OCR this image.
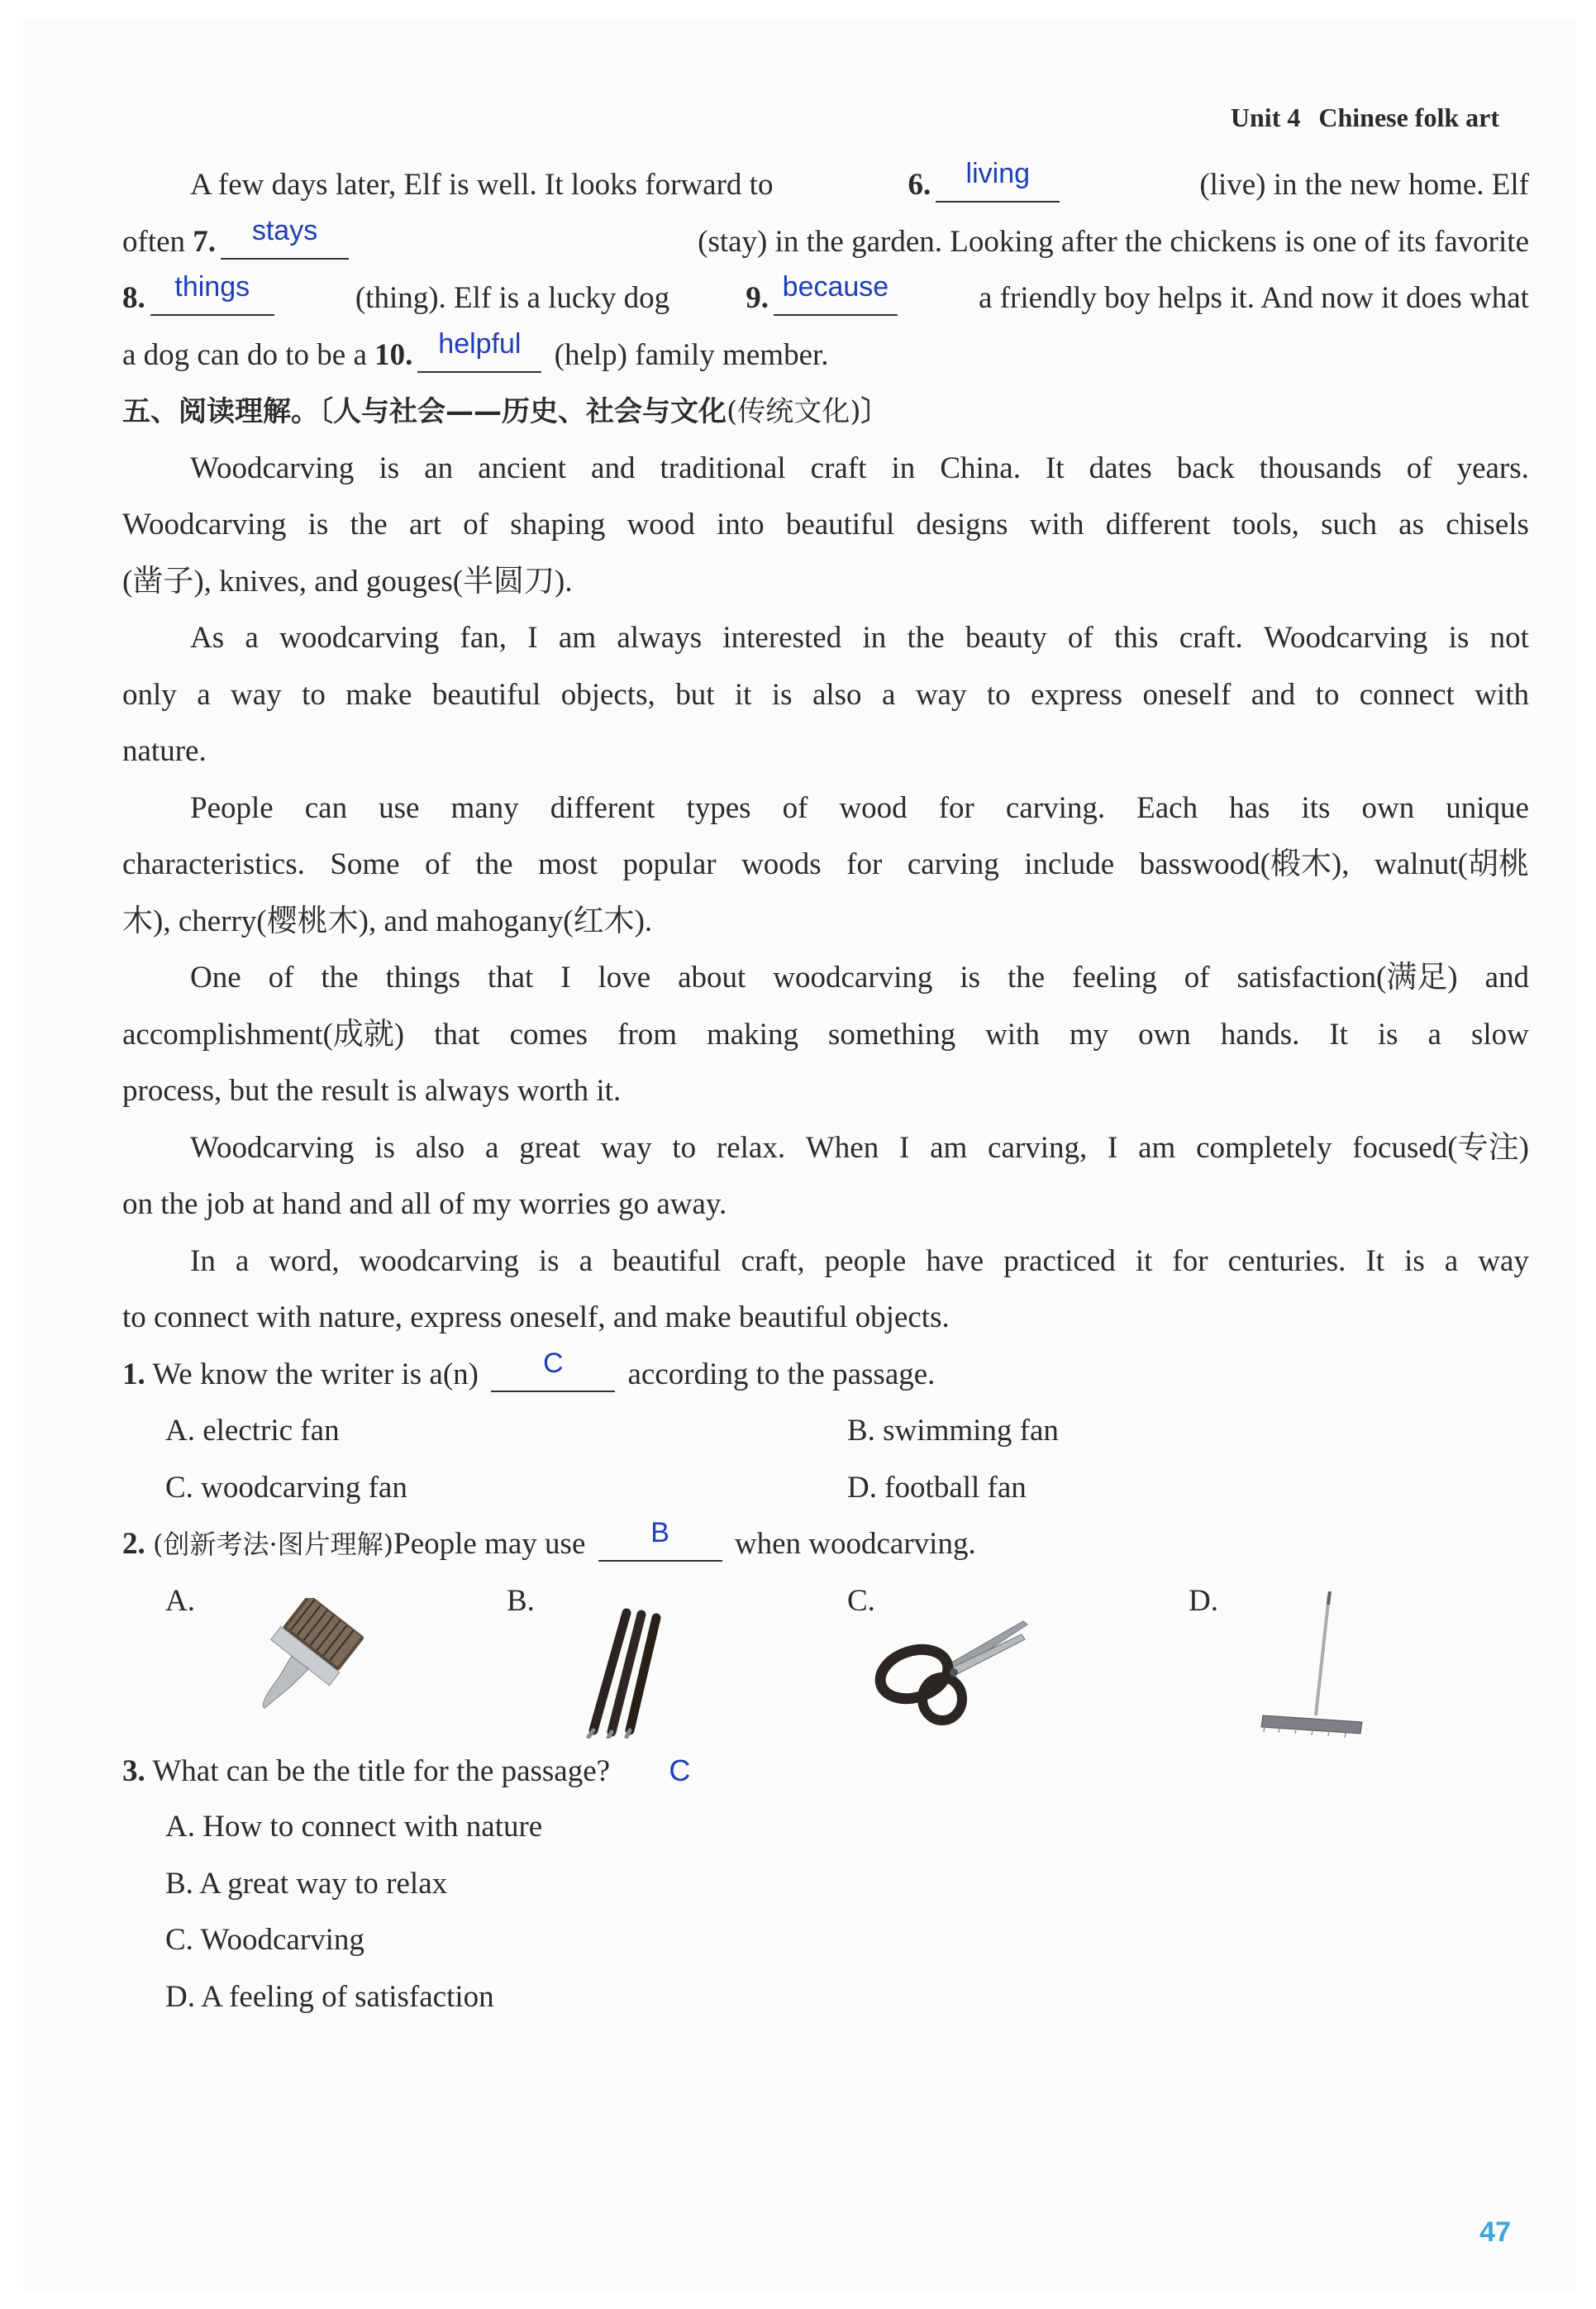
Unit 4 Chinese folk art
A few days later, Elf is well. It looks forward to	6. living	(live) in the new home. Elf
often 7. stays	(stay) in the garden. Looking after the chickens is one of its favorite
8. things	(thing). Elf is a lucky dog 9. because	a friendly boy helps it. And now it does what
a dog can do to be a 10. helpful (help) family member.
五、阅读理解。〔人与社会——历史、社会与文化(传统文化)〕
Woodcarving is an ancient and traditional craft in China. It dates back thousands of years.
Woodcarving is the art of shaping wood into beautiful designs with different tools, such as chisels
(凿子), knives, and gouges(半圆刀).
As a woodcarving fan, I am always interested in the beauty of this craft. Woodcarving is not
only a way to make beautiful objects, but it is also a way to express oneself and to connect with
nature.
People can use many different types of wood for carving. Each has its own unique
characteristics. Some of the most popular woods for carving include basswood(椴木), walnut(胡桃
木), cherry(樱桃木), and mahogany(红木).
One of the things that I love about woodcarving is the feeling of satisfaction(满足) and
accomplishment(成就) that comes from making something with my own hands. It is a slow
process, but the result is always worth it.
Woodcarving is also a great way to relax. When I am carving, I am completely focused(专注)
on the job at hand and all of my worries go away.
In a word, woodcarving is a beautiful craft, people have practiced it for centuries. It is a way
to connect with nature, express oneself, and make beautiful objects.
1. We know the writer is a(n) C according to the passage.
A. electric fan	B. swimming fan
C. woodcarving fan	D. football fan
2. (创新考法·图片理解)People may use B when woodcarving.
A.	B.	C.	D.
3. What can be the title for the passage? C
A. How to connect with nature
B. A great way to relax
C. Woodcarving
D. A feeling of satisfaction
47
